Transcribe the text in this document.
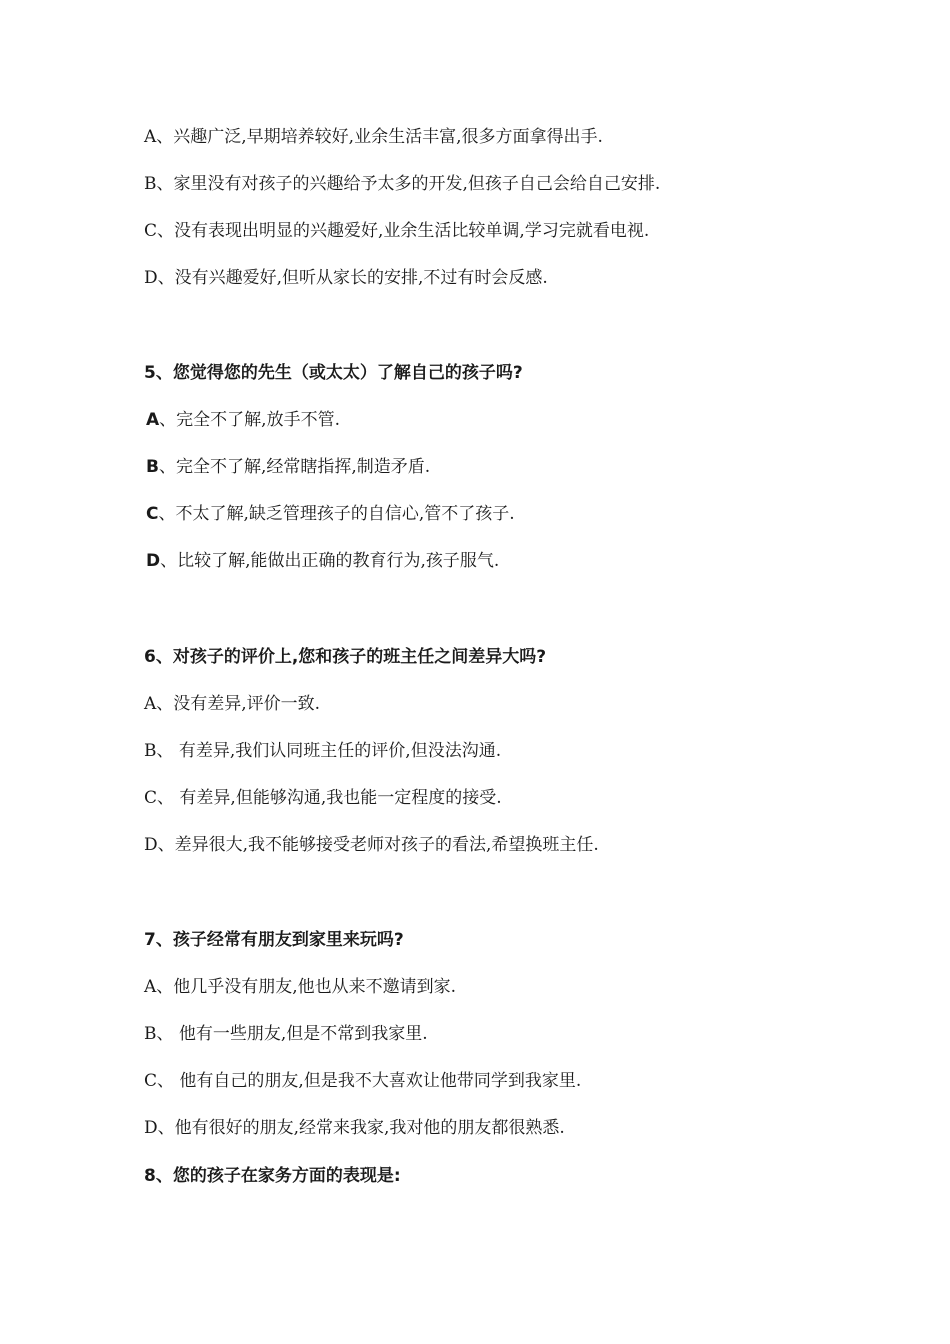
A、兴趣广泛,早期培养较好,业余生活丰富,很多方面拿得出手.
B、家里没有对孩子的兴趣给予太多的开发,但孩子自己会给自己安排.
C、没有表现出明显的兴趣爱好,业余生活比较单调,学习完就看电视.
D、没有兴趣爱好,但听从家长的安排,不过有时会反感.
5、您觉得您的先生（或太太）了解自己的孩子吗?
A、完全不了解,放手不管.
B、完全不了解,经常瞎指挥,制造矛盾.
C、不太了解,缺乏管理孩子的自信心,管不了孩子.
D、比较了解,能做出正确的教育行为,孩子服气.
6、对孩子的评价上,您和孩子的班主任之间差异大吗?
A、没有差异,评价一致.
B、 有差异,我们认同班主任的评价,但没法沟通.
C、 有差异,但能够沟通,我也能一定程度的接受.
D、差异很大,我不能够接受老师对孩子的看法,希望换班主任.
7、孩子经常有朋友到家里来玩吗?
A、他几乎没有朋友,他也从来不邀请到家.
B、 他有一些朋友,但是不常到我家里.
C、 他有自己的朋友,但是我不大喜欢让他带同学到我家里.
D、他有很好的朋友,经常来我家,我对他的朋友都很熟悉.
8、您的孩子在家务方面的表现是:
